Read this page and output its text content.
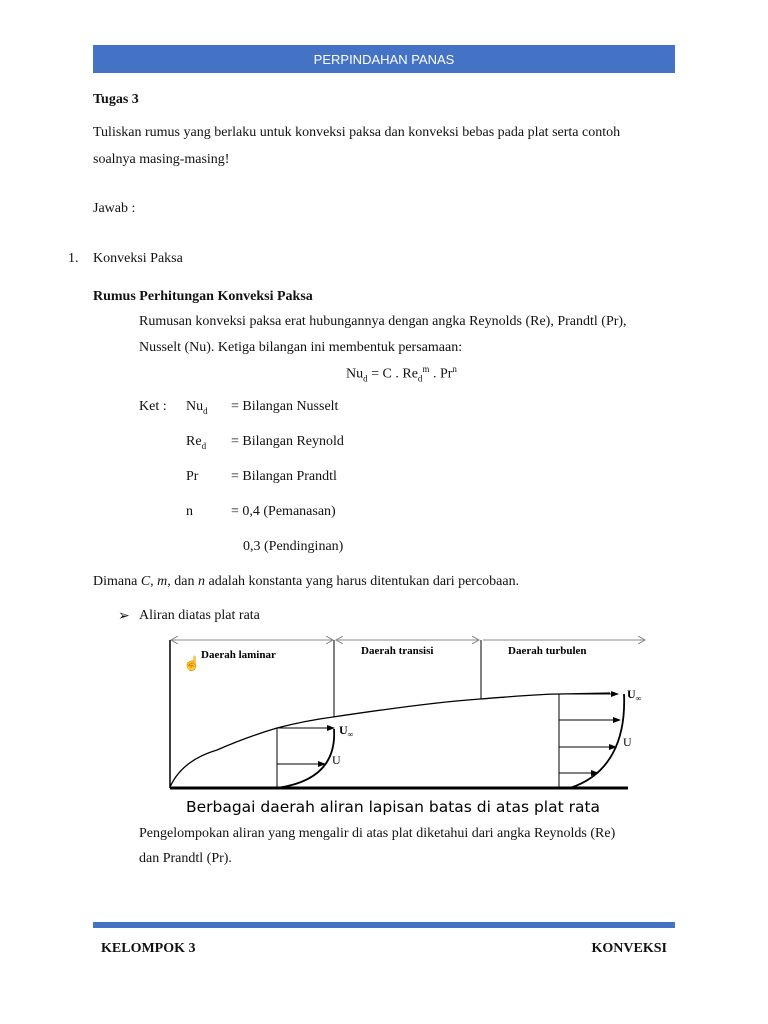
PERPINDAHAN PANAS
Tugas 3
Tuliskan rumus yang berlaku untuk konveksi paksa dan konveksi bebas pada plat serta contoh
soalnya masing-masing!
Jawab :
1. Konveksi Paksa
Rumus Perhitungan Konveksi Paksa
Rumusan konveksi paksa erat hubungannya dengan angka Reynolds (Re), Prandtl (Pr),
Nusselt (Nu). Ketiga bilangan ini membentuk persamaan:
$Nu_d = C$ . $Re_d^m$ . Pr$^n$
Ket : $Nu_d$ = Bilangan Nusselt
$Re_d$ = Bilangan Reynold
Pr = Bilangan Prandtl
n	= 0,4 (Pemanasan)
0,3 (Pendinginan)
Dimana C, m, dan n adalah konstanta yang harus ditentukan dari percobaan.
➢ Aliran diatas plat rata
☝
Daerah laminar	Daerah transisi	Daerah turbulen
$U_\infty$
U
$U_\infty$
U
Berbagai daerah aliran lapisan batas di atas plat rata
Pengelompokan aliran yang mengalir di atas plat diketahui dari angka Reynolds (Re)
dan Prandtl (Pr).
KELOMPOK 3	KONVEKSI
